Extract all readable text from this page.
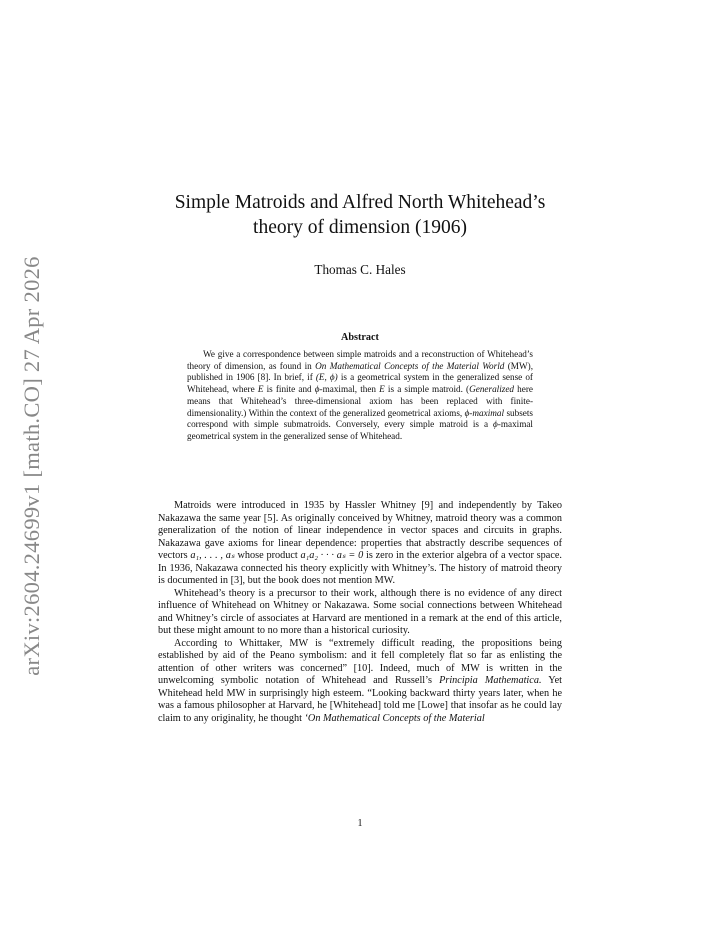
arXiv:2604.24699v1 [math.CO] 27 Apr 2026
Simple Matroids and Alfred North Whitehead’s
theory of dimension (1906)
Thomas C. Hales
Abstract

We give a correspondence between simple matroids and a reconstruction of Whitehead’s theory of dimension, as found in On Mathematical Concepts of the Material World (MW), published in 1906 [8]. In brief, if (E, ϕ) is a geometrical system in the generalized sense of Whitehead, where E is finite and ϕ-maximal, then E is a simple matroid. (Generalized here means that Whitehead’s three-dimensional axiom has been replaced with finite-dimensionality.) Within the context of the generalized geometrical axioms, ϕ-maximal subsets correspond with simple submatroids. Conversely, every simple matroid is a ϕ-maximal geometrical system in the generalized sense of Whitehead.

Matroids were introduced in 1935 by Hassler Whitney [9] and independently by Takeo Nakazawa the same year [5]. As originally conceived by Whitney, matroid theory was a common generalization of the notion of linear independence in vector spaces and circuits in graphs. Nakazawa gave axioms for linear dependence: properties that abstractly describe sequences of vectors a₁, . . . , aₛ whose product a₁a₂ · · · aₛ = 0 is zero in the exterior algebra of a vector space. In 1936, Nakazawa connected his theory explicitly with Whitney’s. The history of matroid theory is documented in [3], but the book does not mention MW.

Whitehead’s theory is a precursor to their work, although there is no evidence of any direct influence of Whitehead on Whitney or Nakazawa. Some social connections between Whitehead and Whitney’s circle of associates at Harvard are mentioned in a remark at the end of this article, but these might amount to no more than a historical curiosity.

According to Whittaker, MW is “extremely difficult reading, the propositions being established by aid of the Peano symbolism: and it fell completely flat so far as enlisting the attention of other writers was concerned” [10]. Indeed, much of MW is written in the unwelcoming symbolic notation of Whitehead and Russell’s Principia Mathematica. Yet Whitehead held MW in surprisingly high esteem. “Looking backward thirty years later, when he was a famous philosopher at Harvard, he [Whitehead] told me [Lowe] that insofar as he could lay claim to any originality, he thought ‘On Mathematical Concepts of the Material

1
